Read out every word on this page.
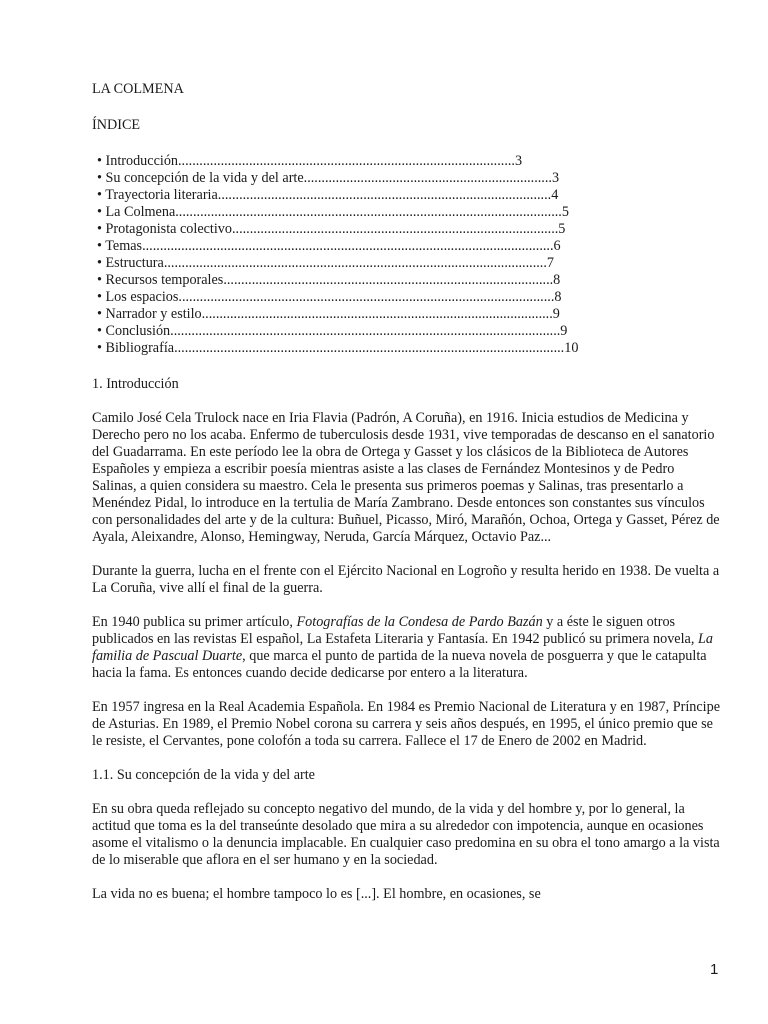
LA COLMENA

ÍNDICE

• Introducción...............................................................................................3
• Su concepción de la vida y del arte......................................................................3
• Trayectoria literaria..............................................................................................4
• La Colmena.............................................................................................................5
• Protagonista colectivo............................................................................................5
• Temas....................................................................................................................6
• Estructura............................................................................................................7
• Recursos temporales.............................................................................................8
• Los espacios..........................................................................................................8
• Narrador y estilo...................................................................................................9
• Conclusión..............................................................................................................9
• Bibliografía..............................................................................................................10

1. Introducción

Camilo José Cela Trulock nace en Iria Flavia (Padrón, A Coruña), en 1916. Inicia estudios de Medicina y Derecho pero no los acaba. Enfermo de tuberculosis desde 1931, vive temporadas de descanso en el sanatorio del Guadarrama. En este período lee la obra de Ortega y Gasset y los clásicos de la Biblioteca de Autores Españoles y empieza a escribir poesía mientras asiste a las clases de Fernández Montesinos y de Pedro Salinas, a quien considera su maestro. Cela le presenta sus primeros poemas y Salinas, tras presentarlo a Menéndez Pidal, lo introduce en la tertulia de María Zambrano. Desde entonces son constantes sus vínculos con personalidades del arte y de la cultura: Buñuel, Picasso, Miró, Marañón, Ochoa, Ortega y Gasset, Pérez de Ayala, Aleixandre, Alonso, Hemingway, Neruda, García Márquez, Octavio Paz...

Durante la guerra, lucha en el frente con el Ejército Nacional en Logroño y resulta herido en 1938. De vuelta a La Coruña, vive allí el final de la guerra.

En 1940 publica su primer artículo, Fotografías de la Condesa de Pardo Bazán y a éste le siguen otros publicados en las revistas El español, La Estafeta Literaria y Fantasía. En 1942 publicó su primera novela, La familia de Pascual Duarte, que marca el punto de partida de la nueva novela de posguerra y que le catapulta hacia la fama. Es entonces cuando decide dedicarse por entero a la literatura.

En 1957 ingresa en la Real Academia Española. En 1984 es Premio Nacional de Literatura y en 1987, Príncipe de Asturias. En 1989, el Premio Nobel corona su carrera y seis años después, en 1995, el único premio que se le resiste, el Cervantes, pone colofón a toda su carrera. Fallece el 17 de Enero de 2002 en Madrid.

1.1. Su concepción de la vida y del arte

En su obra queda reflejado su concepto negativo del mundo, de la vida y del hombre y, por lo general, la actitud que toma es la del transeúnte desolado que mira a su alrededor con impotencia, aunque en ocasiones asome el vitalismo o la denuncia implacable. En cualquier caso predomina en su obra el tono amargo a la vista de lo miserable que aflora en el ser humano y en la sociedad.

La vida no es buena; el hombre tampoco lo es [...]. El hombre, en ocasiones, se

1
